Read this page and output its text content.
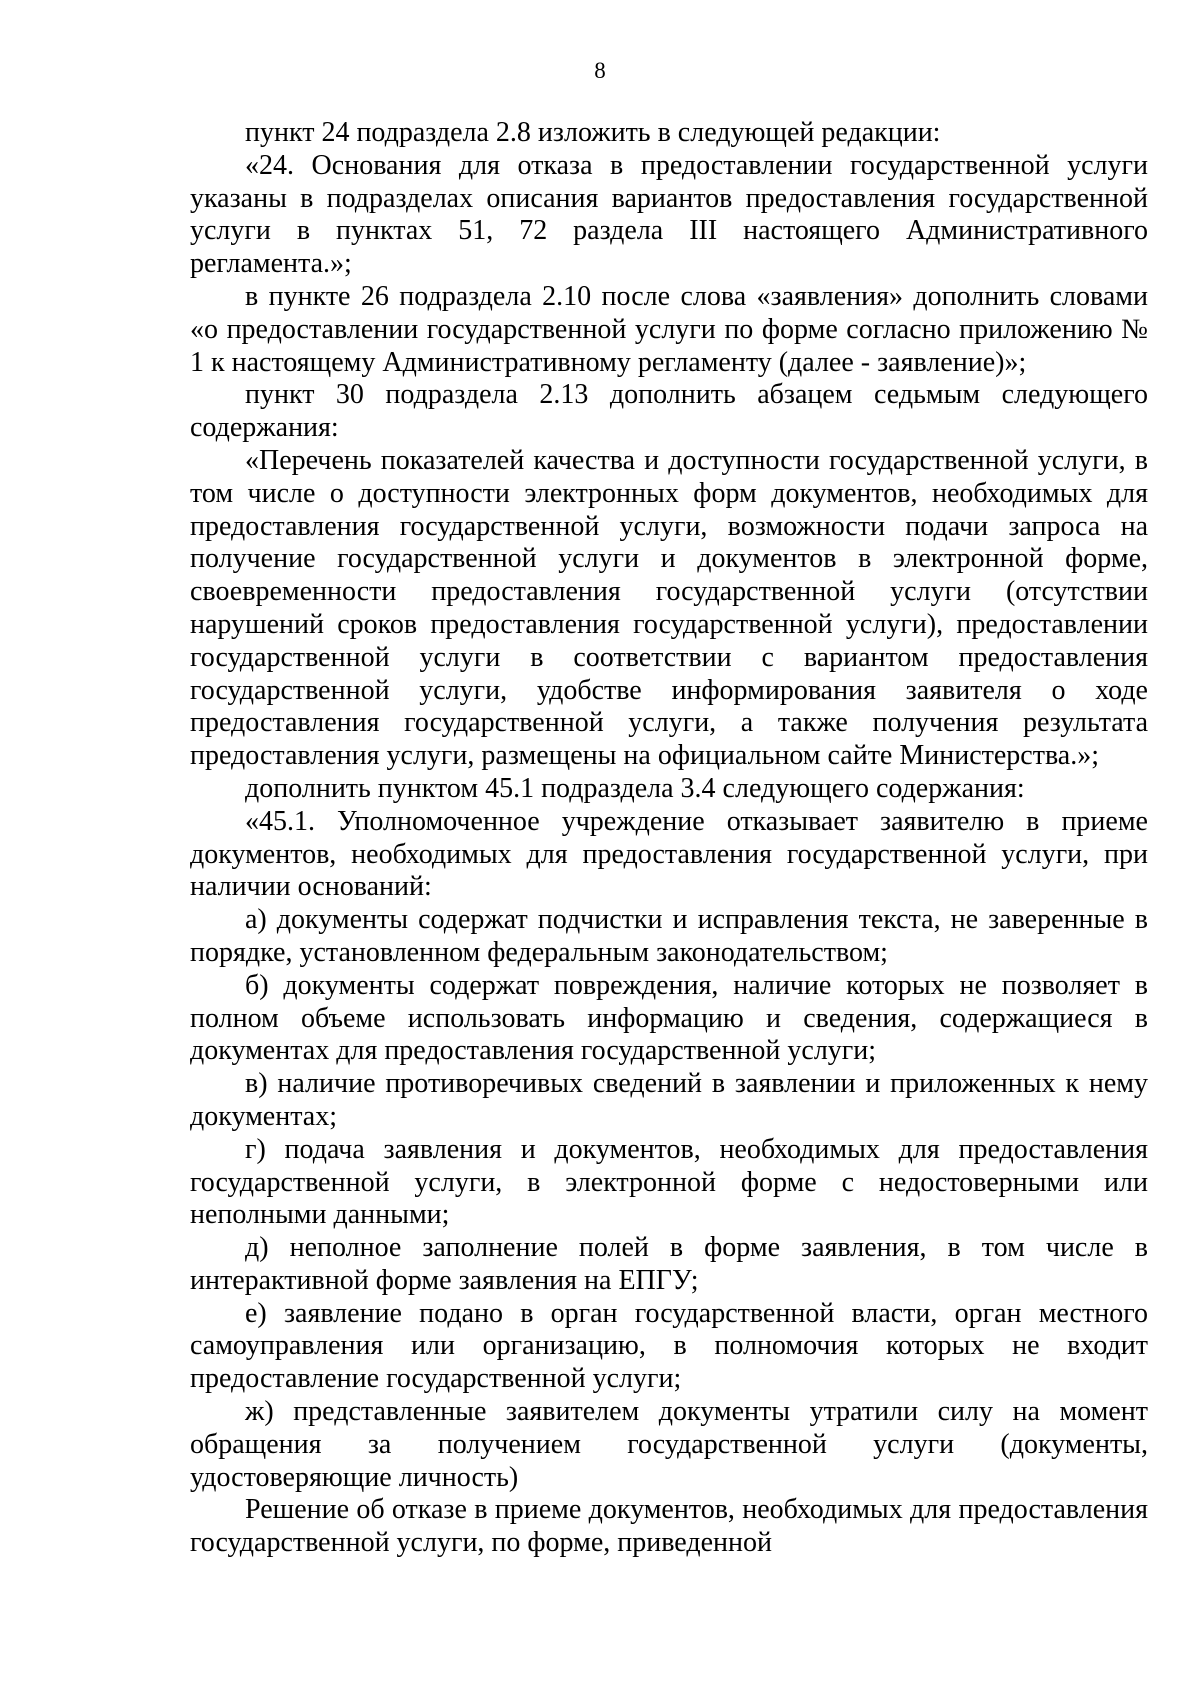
8

пункт 24 подраздела 2.8 изложить в следующей редакции:

«24. Основания для отказа в предоставлении государственной услуги указаны в подразделах описания вариантов предоставления государственной услуги в пунктах 51, 72 раздела III настоящего Административного регламента.»;

в пункте 26 подраздела 2.10 после слова «заявления» дополнить словами «о предоставлении государственной услуги по форме согласно приложению № 1 к настоящему Административному регламенту (далее - заявление)»;

пункт 30 подраздела 2.13 дополнить абзацем седьмым следующего содержания:

«Перечень показателей качества и доступности государственной услуги, в том числе о доступности электронных форм документов, необходимых для предоставления государственной услуги, возможности подачи запроса на получение государственной услуги и документов в электронной форме, своевременности предоставления государственной услуги (отсутствии нарушений сроков предоставления государственной услуги), предоставлении государственной услуги в соответствии с вариантом предоставления государственной услуги, удобстве информирования заявителя о ходе предоставления государственной услуги, а также получения результата предоставления услуги, размещены на официальном сайте Министерства.»;

дополнить пунктом 45.1 подраздела 3.4 следующего содержания:

«45.1. Уполномоченное учреждение отказывает заявителю в приеме документов, необходимых для предоставления государственной услуги, при наличии оснований:

а) документы содержат подчистки и исправления текста, не заверенные в порядке, установленном федеральным законодательством;

б) документы содержат повреждения, наличие которых не позволяет в полном объеме использовать информацию и сведения, содержащиеся в документах для предоставления государственной услуги;

в) наличие противоречивых сведений в заявлении и приложенных к нему документах;

г) подача заявления и документов, необходимых для предоставления государственной услуги, в электронной форме с недостоверными или неполными данными;

д) неполное заполнение полей в форме заявления, в том числе в интерактивной форме заявления на ЕПГУ;

е) заявление подано в орган государственной власти, орган местного самоуправления или организацию, в полномочия которых не входит предоставление государственной услуги;

ж) представленные заявителем документы утратили силу на момент обращения за получением государственной услуги (документы, удостоверяющие личность)

Решение об отказе в приеме документов, необходимых для предоставления государственной услуги, по форме, приведенной
